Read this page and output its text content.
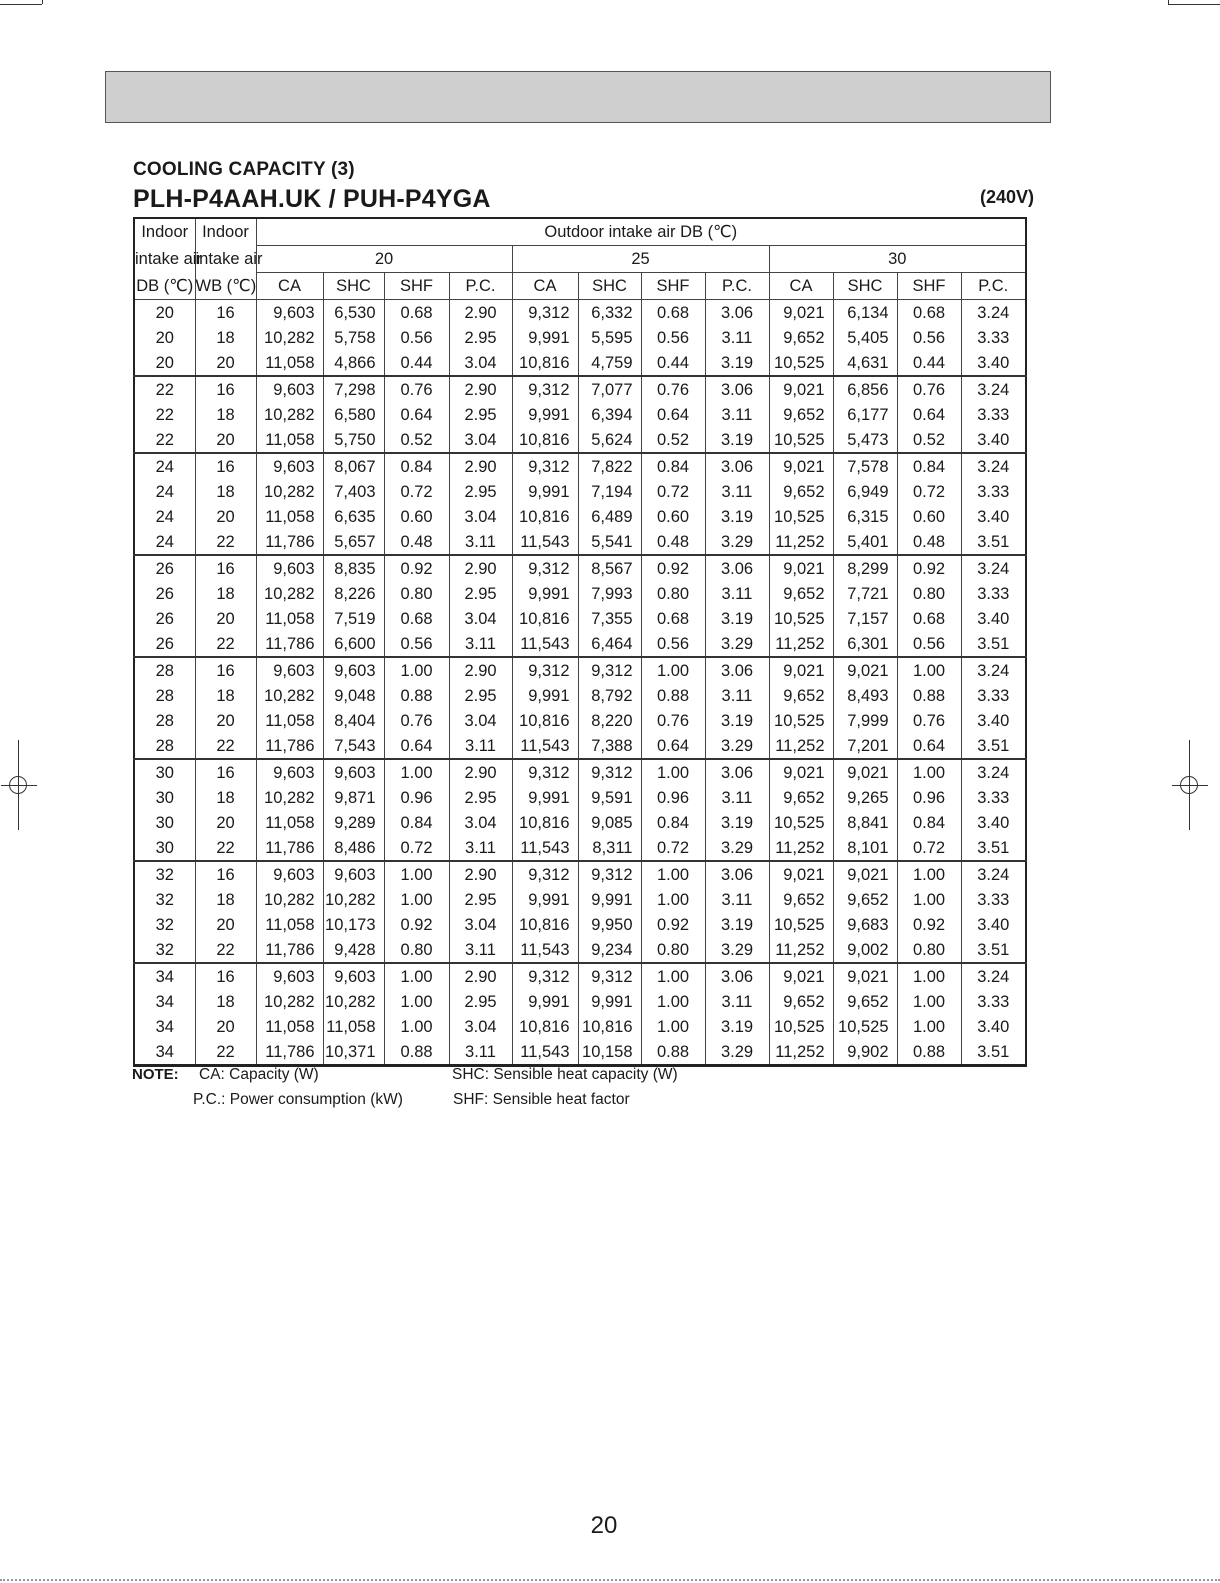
COOLING CAPACITY (3)
PLH-P4AAH.UK / PUH-P4YGA	(240V)
Indoor	Indoor	Outdoor intake air DB (℃)											
intake air	intake air	20				25				30			
DB (℃)	WB (℃)	CA	SHC	SHF	P.C.	CA	SHC	SHF	P.C.	CA	SHC	SHF	P.C.
20	16	9,603	6,530	0.68	2.90	9,312	6,332	0.68	3.06	9,021	6,134	0.68	3.24
20	18	10,282	5,758	0.56	2.95	9,991	5,595	0.56	3.11	9,652	5,405	0.56	3.33
20	20	11,058	4,866	0.44	3.04	10,816	4,759	0.44	3.19	10,525	4,631	0.44	3.40
22	16	9,603	7,298	0.76	2.90	9,312	7,077	0.76	3.06	9,021	6,856	0.76	3.24
22	18	10,282	6,580	0.64	2.95	9,991	6,394	0.64	3.11	9,652	6,177	0.64	3.33
22	20	11,058	5,750	0.52	3.04	10,816	5,624	0.52	3.19	10,525	5,473	0.52	3.40
24	16	9,603	8,067	0.84	2.90	9,312	7,822	0.84	3.06	9,021	7,578	0.84	3.24
24	18	10,282	7,403	0.72	2.95	9,991	7,194	0.72	3.11	9,652	6,949	0.72	3.33
24	20	11,058	6,635	0.60	3.04	10,816	6,489	0.60	3.19	10,525	6,315	0.60	3.40
24	22	11,786	5,657	0.48	3.11	11,543	5,541	0.48	3.29	11,252	5,401	0.48	3.51
26	16	9,603	8,835	0.92	2.90	9,312	8,567	0.92	3.06	9,021	8,299	0.92	3.24
26	18	10,282	8,226	0.80	2.95	9,991	7,993	0.80	3.11	9,652	7,721	0.80	3.33
26	20	11,058	7,519	0.68	3.04	10,816	7,355	0.68	3.19	10,525	7,157	0.68	3.40
26	22	11,786	6,600	0.56	3.11	11,543	6,464	0.56	3.29	11,252	6,301	0.56	3.51
28	16	9,603	9,603	1.00	2.90	9,312	9,312	1.00	3.06	9,021	9,021	1.00	3.24
28	18	10,282	9,048	0.88	2.95	9,991	8,792	0.88	3.11	9,652	8,493	0.88	3.33
28	20	11,058	8,404	0.76	3.04	10,816	8,220	0.76	3.19	10,525	7,999	0.76	3.40
28	22	11,786	7,543	0.64	3.11	11,543	7,388	0.64	3.29	11,252	7,201	0.64	3.51
30	16	9,603	9,603	1.00	2.90	9,312	9,312	1.00	3.06	9,021	9,021	1.00	3.24
30	18	10,282	9,871	0.96	2.95	9,991	9,591	0.96	3.11	9,652	9,265	0.96	3.33
30	20	11,058	9,289	0.84	3.04	10,816	9,085	0.84	3.19	10,525	8,841	0.84	3.40
30	22	11,786	8,486	0.72	3.11	11,543	8,311	0.72	3.29	11,252	8,101	0.72	3.51
32	16	9,603	9,603	1.00	2.90	9,312	9,312	1.00	3.06	9,021	9,021	1.00	3.24
32	18	10,282	10,282	1.00	2.95	9,991	9,991	1.00	3.11	9,652	9,652	1.00	3.33
32	20	11,058	10,173	0.92	3.04	10,816	9,950	0.92	3.19	10,525	9,683	0.92	3.40
32	22	11,786	9,428	0.80	3.11	11,543	9,234	0.80	3.29	11,252	9,002	0.80	3.51
34	16	9,603	9,603	1.00	2.90	9,312	9,312	1.00	3.06	9,021	9,021	1.00	3.24
34	18	10,282	10,282	1.00	2.95	9,991	9,991	1.00	3.11	9,652	9,652	1.00	3.33
34	20	11,058	11,058	1.00	3.04	10,816	10,816	1.00	3.19	10,525	10,525	1.00	3.40
34	22	11,786	10,371	0.88	3.11	11,543	10,158	0.88	3.29	11,252	9,902	0.88	3.51
NOTE: CA: Capacity (W)	SHC: Sensible heat capacity (W)
P.C.: Power consumption (kW)	SHF: Sensible heat factor
20
